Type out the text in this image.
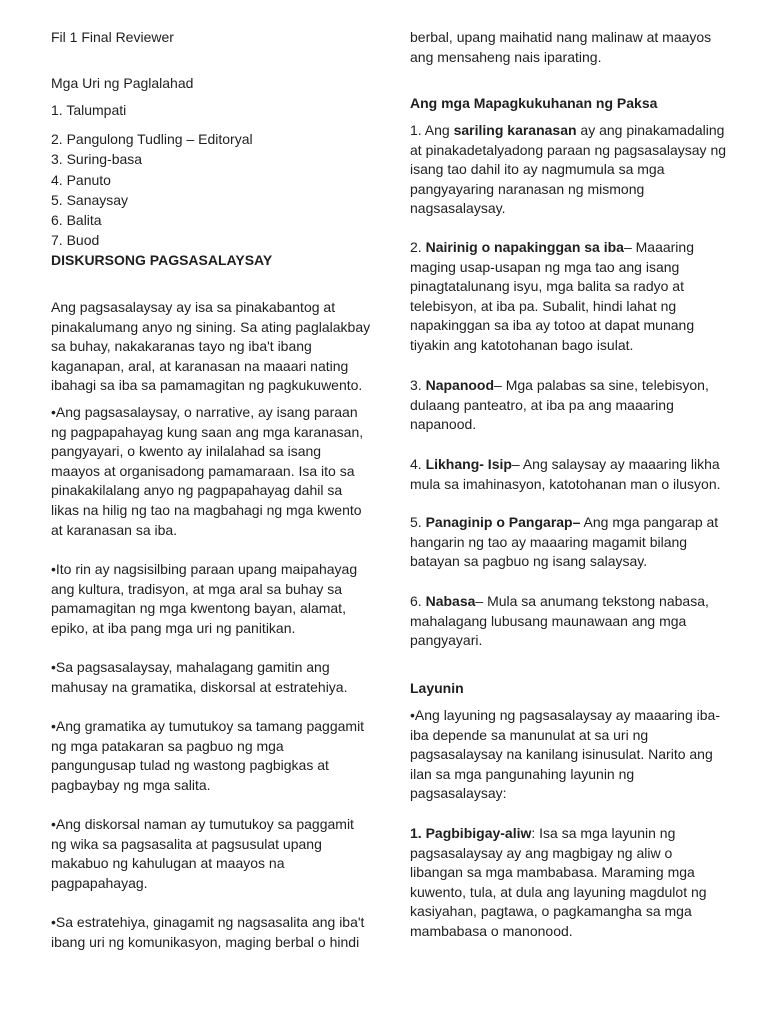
Fil 1 Final Reviewer
Mga Uri ng Paglalahad
1. Talumpati
2. Pangulong Tudling – Editoryal
3. Suring-basa
4. Panuto
5. Sanaysay
6. Balita
7. Buod
DISKURSONG PAGSASALAYSAY

Ang pagsasalaysay ay isa sa pinakabantog at pinakalumang anyo ng sining. Sa ating paglalakbay sa buhay, nakakaranas tayo ng iba't ibang kaganapan, aral, at karanasan na maaari nating ibahagi sa iba sa pamamagitan ng pagkukuwento.

•Ang pagsasalaysay, o narrative, ay isang paraan ng pagpapahayag kung saan ang mga karanasan, pangyayari, o kwento ay inilalahad sa isang maayos at organisadong pamamaraan. Isa ito sa pinakakilalang anyo ng pagpapahayag dahil sa likas na hilig ng tao na magbahagi ng mga kwento at karanasan sa iba.

•Ito rin ay nagsisilbing paraan upang maipahayag ang kultura, tradisyon, at mga aral sa buhay sa pamamagitan ng mga kwentong bayan, alamat, epiko, at iba pang mga uri ng panitikan.

•Sa pagsasalaysay, mahalagang gamitin ang mahusay na gramatika, diskorsal at estratehiya.

•Ang gramatika ay tumutukoy sa tamang paggamit ng mga patakaran sa pagbuo ng mga pangungusap tulad ng wastong pagbigkas at pagbaybay ng mga salita.

•Ang diskorsal naman ay tumutukoy sa paggamit ng wika sa pagsasalita at pagsusulat upang makabuo ng kahulugan at maayos na pagpapahayag.

•Sa estratehiya, ginagamit ng nagsasalita ang iba't ibang uri ng komunikasyon, maging berbal o hindi

berbal, upang maihatid nang malinaw at maayos ang mensaheng nais iparating.

Ang mga Mapagkukuhanan ng Paksa

1. Ang sariling karanasan ay ang pinakamadaling at pinakadetalyadong paraan ng pagsasalaysay ng isang tao dahil ito ay nagmumula sa mga pangyayaring naranasan ng mismong nagsasalaysay.

2. Nairinig o napakinggan sa iba– Maaaring maging usap-usapan ng mga tao ang isang pinagtatalunang isyu, mga balita sa radyo at telebisyon, at iba pa. Subalit, hindi lahat ng napakinggan sa iba ay totoo at dapat munang tiyakin ang katotohanan bago isulat.

3. Napanood– Mga palabas sa sine, telebisyon, dulaang panteatro, at iba pa ang maaaring napanood.

4. Likhang- Isip– Ang salaysay ay maaaring likha mula sa imahinasyon, katotohanan man o ilusyon.

5. Panaginip o Pangarap– Ang mga pangarap at hangarin ng tao ay maaaring magamit bilang batayan sa pagbuo ng isang salaysay.

6. Nabasa– Mula sa anumang tekstong nabasa, mahalagang lubusang maunawaan ang mga pangyayari.

Layunin

•Ang layuning ng pagsasalaysay ay maaaring iba-iba depende sa manunulat at sa uri ng pagsasalaysay na kanilang isinusulat. Narito ang ilan sa mga pangunahing layunin ng pagsasalaysay:

1. Pagbibigay-aliw: Isa sa mga layunin ng pagsasalaysay ay ang magbigay ng aliw o libangan sa mga mambabasa. Maraming mga kuwento, tula, at dula ang layuning magdulot ng kasiyahan, pagtawa, o pagkamangha sa mga mambabasa o manonood.
